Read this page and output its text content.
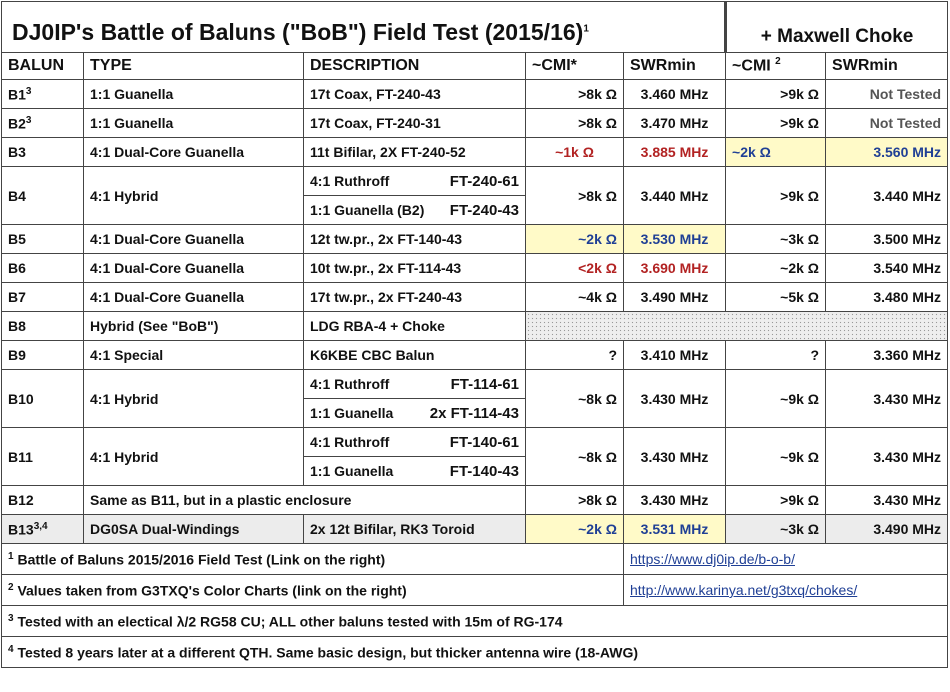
DJ0IP's Battle of Baluns ("BoB") Field Test $(2015/16)^1$					+ Maxwell Choke	
BALUN	TYPE	DESCRIPTION	~CMI*	SWRmin	~CMI $^2$	SWRmin
$B1^3$	1:1 Guanella	17t Coax, FT-240-43	>8k Ω	3.460 MHz	>9k Ω	Not Tested
$B2^3$	1:1 Guanella	17t Coax, FT-240-31	>8k Ω	3.470 MHz	>9k Ω	Not Tested
B3	4:1 Dual-Core Guanella	11t Bifilar, 2X FT-240-52	~1k Ω	3.885 MHz	~2k Ω	3.560 MHz
B4	4:1 Hybrid	4:1 Ruthroff FT-240-61	>8k Ω	3.440 MHz	>9k Ω	3.440 MHz

		1:1 Guanella (B2) FT-240-43				

B5	4:1 Dual-Core Guanella	12t tw.pr., 2x FT-140-43	~2k Ω	3.530 MHz	~3k Ω	3.500 MHz
B6	4:1 Dual-Core Guanella	10t tw.pr., 2x FT-114-43	<2k Ω	3.690 MHz	~2k Ω	3.540 MHz
B7	4:1 Dual-Core Guanella	17t tw.pr., 2x FT-240-43	~4k Ω	3.490 MHz	~5k Ω	3.480 MHz
B8	Hybrid (See "BoB")	LDG RBA-4 + Choke				
B9	4:1 Special	K6KBE CBC Balun	?	3.410 MHz	?	3.360 MHz
B10	4:1 Hybrid	4:1 Ruthroff FT-114-61	~8k Ω	3.430 MHz	~9k Ω	3.430 MHz

		1:1 Guanella 2x FT-114-43				

B11	4:1 Hybrid	4:1 Ruthroff FT-140-61	~8k Ω	3.430 MHz	~9k Ω	3.430 MHz

		1:1 Guanella FT-140-43				

B12	Same as B11, but in a plastic enclosure		>8k Ω	3.430 MHz	>9k Ω	3.430 MHz
B13$^{3,4}$	DG0SA Dual-Windings	2x 12t Bifilar, RK3 Toroid	~2k Ω	3.531 MHz	~3k Ω	3.490 MHz
$^1$ Battle of Baluns 2015/2016 Field Test (Link on the right)				https://www.dj0ip.de/b-o-b/		
$^2$ Values taken from G3TXQ's Color Charts (link on the right)				http://www.karinya.net/g3txq/chokes/		
$^3$ Tested with an electical λ/2 RG58 CU; ALL other baluns tested with 15m of RG-174						
$^4$ Tested 8 years later at a different QTH. Same basic design, but thicker antenna wire (18-AWG)						
